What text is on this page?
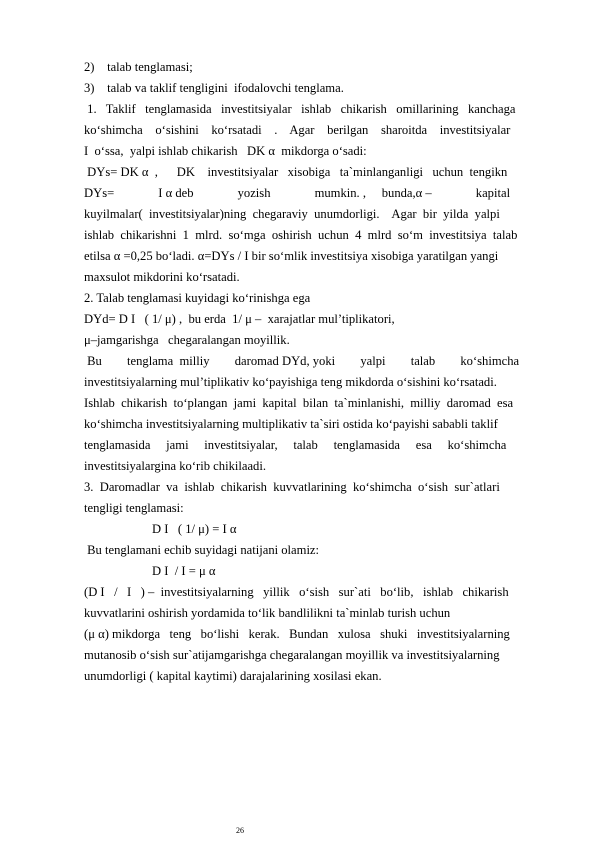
2)    talab tenglamasi;
3)    talab va taklif tengligini  ifodalovchi tenglama.
1.   Taklif   tenglamasida   investitsiyalar   ishlab   chikarish   omillarining   kanchaga
ko‘shimcha    o‘sishini    ko‘rsatadi    .    Agar    berilgan    sharoitda    investitsiyalar
I  o‘ssa,  yalpi ishlab chikarish   DK α  mikdorga o‘sadi:
DYs= DK α  ,      DK    investitsiyalar   xisobiga   ta`minlanganligi   uchun  tengikn
DYs=              I α deb              yozish              mumkin. ,     bunda,α –              kapital
kuyilmalar(  investitsiyalar)ning  chegaraviy  unumdorligi.    Agar  bir  yilda  yalpi
ishlab  chikarishni  1  mlrd.  so‘mga  oshirish  uchun  4  mlrd  so‘m  investitsiya  talab
etilsa α =0,25 bo‘ladi. α=DYs / I bir so‘mlik investitsiya xisobiga yaratilgan yangi
maxsulot mikdorini ko‘rsatadi.
2. Talab tenglamasi kuyidagi ko‘rinishga ega
DYd= D I   ( 1/ μ) ,  bu erda  1/ μ –  xarajatlar mul’tiplikatori,
μ–jamgarishga   chegaralangan moyillik.
Bu        tenglama  milliy        daromad DYd, yoki        yalpi        talab        ko‘shimcha
investitsiyalarning mul’tiplikativ ko‘payishiga teng mikdorda o‘sishini ko‘rsatadi.
Ishlab  chikarish  to‘plangan  jami  kapital  bilan  ta`minlanishi,  milliy  daromad  esa
ko‘shimcha investitsiyalarning multiplikativ ta`siri ostida ko‘payishi sababli taklif
tenglamasida     jami     investitsiyalar,     talab     tenglamasida     esa     ko‘shimcha
investitsiyalargina ko‘rib chikilaadi.
3.  Daromadlar  va  ishlab  chikarish  kuvvatlarining  ko‘shimcha  o‘sish  sur`atlari
tengligi tenglamasi:
D I   ( 1/ μ) = I α
Bu tenglamani echib suyidagi natijani olamiz:
D I  / I = μ α
(D I   /   I   ) –  investitsiyalarning   yillik   o‘sish   sur`ati   bo‘lib,   ishlab   chikarish
kuvvatlarini oshirish yordamida to‘lik bandlilikni ta`minlab turish uchun
(μ α) mikdorga   teng   bo‘lishi   kerak.   Bundan   xulosa   shuki   investitsiyalarning
mutanosib o‘sish sur`atijamgarishga chegaralangan moyillik va investitsiyalarning
unumdorligi ( kapital kaytimi) darajalarining xosilasi ekan.
26
